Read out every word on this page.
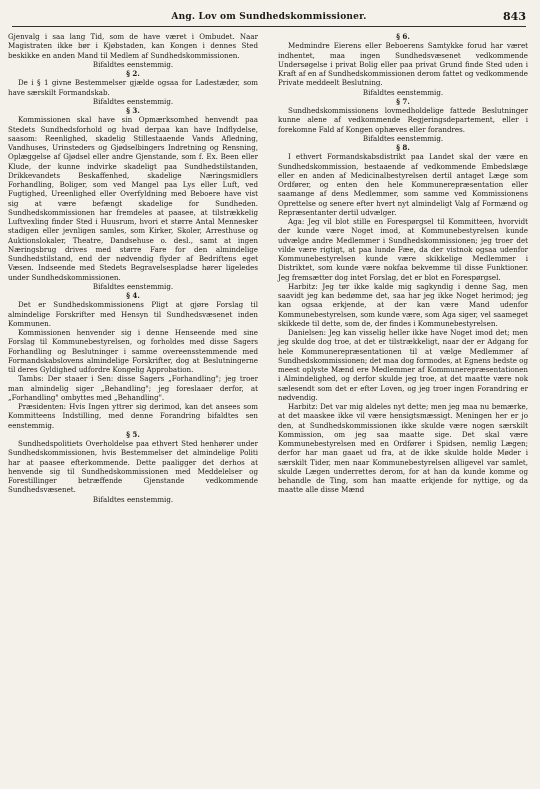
Ang. Lov om Sundhedskommissioner.	843

Gjenvalg i saa lang Tid, som de have været i Ombudet. Naar Magistraten ikke bør i Kjøbstaden, kan Kongen i dennes Sted beskikke en anden Mand til Medlem af Sundhedskommissionen.

Bifaldtes eenstemmig.

§ 2.

De i § 1 givne Bestemmelser gjælde ogsaa for Ladestæder, som have særskilt Formandskab.

Bifaldtes eenstemmig.

§ 3.

Kommissionen skal have sin Opmærksomhed henvendt paa Stedets Sundhedsforhold og hvad derpaa kan have Indflydelse, saasom: Reenlighed, skadelig Stillestaaende Vands Afledning, Vandhuses, Urinsteders og Gjødselbingers Indretning og Rensning, Oplæggelse af Gjødsel eller andre Gjenstande, som f. Ex. Been eller Klude, der kunne indvirke skadeligt paa Sundhedstilstanden, Drikkevandets Beskaffenhed, skadelige Næringsmidlers Forhandling, Boliger, som ved Mangel paa Lys eller Luft, ved Fugtighed, Ureenlighed eller Overfyldning med Beboere have vist sig at være befængt skadelige for Sundheden. Sundhedskommissionen har fremdeles at paasee, at tilstrækkelig Luftvexling finder Sted i Huusrum, hvori et større Antal Mennesker stadigen eller jevnligen samles, som Kirker, Skoler, Arresthuse og Auktionslokaler, Theatre, Dandsehuse o. desl., samt at ingen Næringsbrug drives med større Fare for den almindelige Sundhedstilstand, end der nødvendig flyder af Bedriftens eget Væsen. Indseende med Stedets Begravelsespladse hører ligeledes under Sundhedskommissionen.

Bifaldtes eenstemmig.

§ 4.

Det er Sundhedskommissionens Pligt at gjøre Forslag til almindelige Forskrifter med Hensyn til Sundhedsvæsenet inden Kommunen.

Kommissionen henvender sig i denne Henseende med sine Forslag til Kommunebestyrelsen, og forholdes med disse Sagers Forhandling og Beslutninger i samme overeensstemmende med Formandskabslovens almindelige Forskrifter, dog at Beslutningerne til deres Gyldighed udfordre Kongelig Approbation.

Tambs: Der staaer i Sen: disse Sagers „Forhandling"; jeg troer man almindelig siger „Behandling"; jeg foreslaaer derfor, at „Forhandling" ombyttes med „Behandling".

Præsidenten: Hvis Ingen yttrer sig derimod, kan det ansees som Kommitteens Indstilling, med denne Forandring bifaldtes sen eenstemmig.

§ 5.

Sundhedspolitiets Overholdelse paa ethvert Sted henhører under Sundhedskommissionen, hvis Bestemmelser det almindelige Politi har at paasee efterkommende. Dette paaligger det derhos at henvende sig til Sundhedskommissionen med Meddelelser og Forestillinger betræffende Gjenstande vedkommende Sundhedsvæsenet.

Bifaldtes eenstemmig.

§ 6.

Medmindre Eierens eller Beboerens Samtykke forud har været indhentet, maa ingen Sundhedsvæsenet vedkommende Undersøgelse i privat Bolig eller paa privat Grund finde Sted uden i Kraft af en af Sundhedskommissionen derom fattet og vedkommende Private meddeelt Beslutning.

Bifaldtes eenstemmig.

§ 7.

Sundhedskommissionens lovmedholdelige fattede Beslutninger kunne alene af vedkommende Regjeringsdepartement, eller i forekomne Fald af Kongen ophæves eller forandres.

Bifaldtes eenstemmig.

§ 8.

I ethvert Formandskabsdistrikt paa Landet skal der være en Sundhedskommission, bestaaende af vedkommende Embedslæge eller en anden af Medicinalbestyrelsen dertil antaget Læge som Ordfører, og enten den hele Kommunerepræsentation eller saamange af dens Medlemmer, som samme ved Kommissionens Oprettelse og senere efter hvert nyt almindeligt Valg af Formænd og Repræsentanter dertil udvælger.

Aga: Jeg vil blot stille en Forespørgsel til Kommitteen, hvorvidt der kunde være Noget imod, at Kommunebestyrelsen kunde udvælge andre Medlemmer i Sundhedskommissionen; jeg troer det vilde være rigtigt, at paa lunde Fæe, da der vistnok ogsaa udenfor Kommunebestyrelsen kunde være skikkelige Medlemmer i Distriktet, som kunde være nokfaa bekvemme til disse Funktioner. Jeg fremsætter dog intet Forslag, det er blot en Forespørgsel.

Harbitz: Jeg tør ikke kalde mig sagkyndig i denne Sag, men saavidt jeg kan bedømme det, saa har jeg ikke Noget herimod; jeg kan ogsaa erkjende, at der kan være Mand udenfor Kommunebestyrelsen, som kunde være, som Aga siger, vel saameget skikkede til dette, som de, der findes i Kommunebestyrelsen.

Danielsen: Jeg kan visselig heller ikke have Noget imod det; men jeg skulde dog troe, at det er tilstrækkeligt, naar der er Adgang for hele Kommunerepræsentationen til at vælge Medlemmer af Sundhedskommissionen; det maa dog formodes, at Egnens bedste og meest oplyste Mænd ere Medlemmer af Kommunerepræsentationen i Almindelighed, og derfor skulde jeg troe, at det maatte være nok sælesendt som det er efter Loven, og jeg troer ingen Forandring er nødvendig.

Harbitz: Det var mig aldeles nyt dette; men jeg maa nu bemærke, at det maaskee ikke vil være hensigtsmæssigt. Meningen her er jo den, at Sundhedskommissionen ikke skulde være nogen særskilt Kommission, om jeg saa maatte sige. Det skal være Kommunebestyrelsen med en Ordfører i Spidsen, nemlig Lægen; derfor har man gaaet ud fra, at de ikke skulde holde Møder i særskilt Tider, men naar Kommunebestyrelsen alligevel var samlet, skulde Lægen underrettes derom, for at han da kunde komme og behandle de Ting, som han maatte erkjende for nyttige, og da maatte alle disse Mænd
